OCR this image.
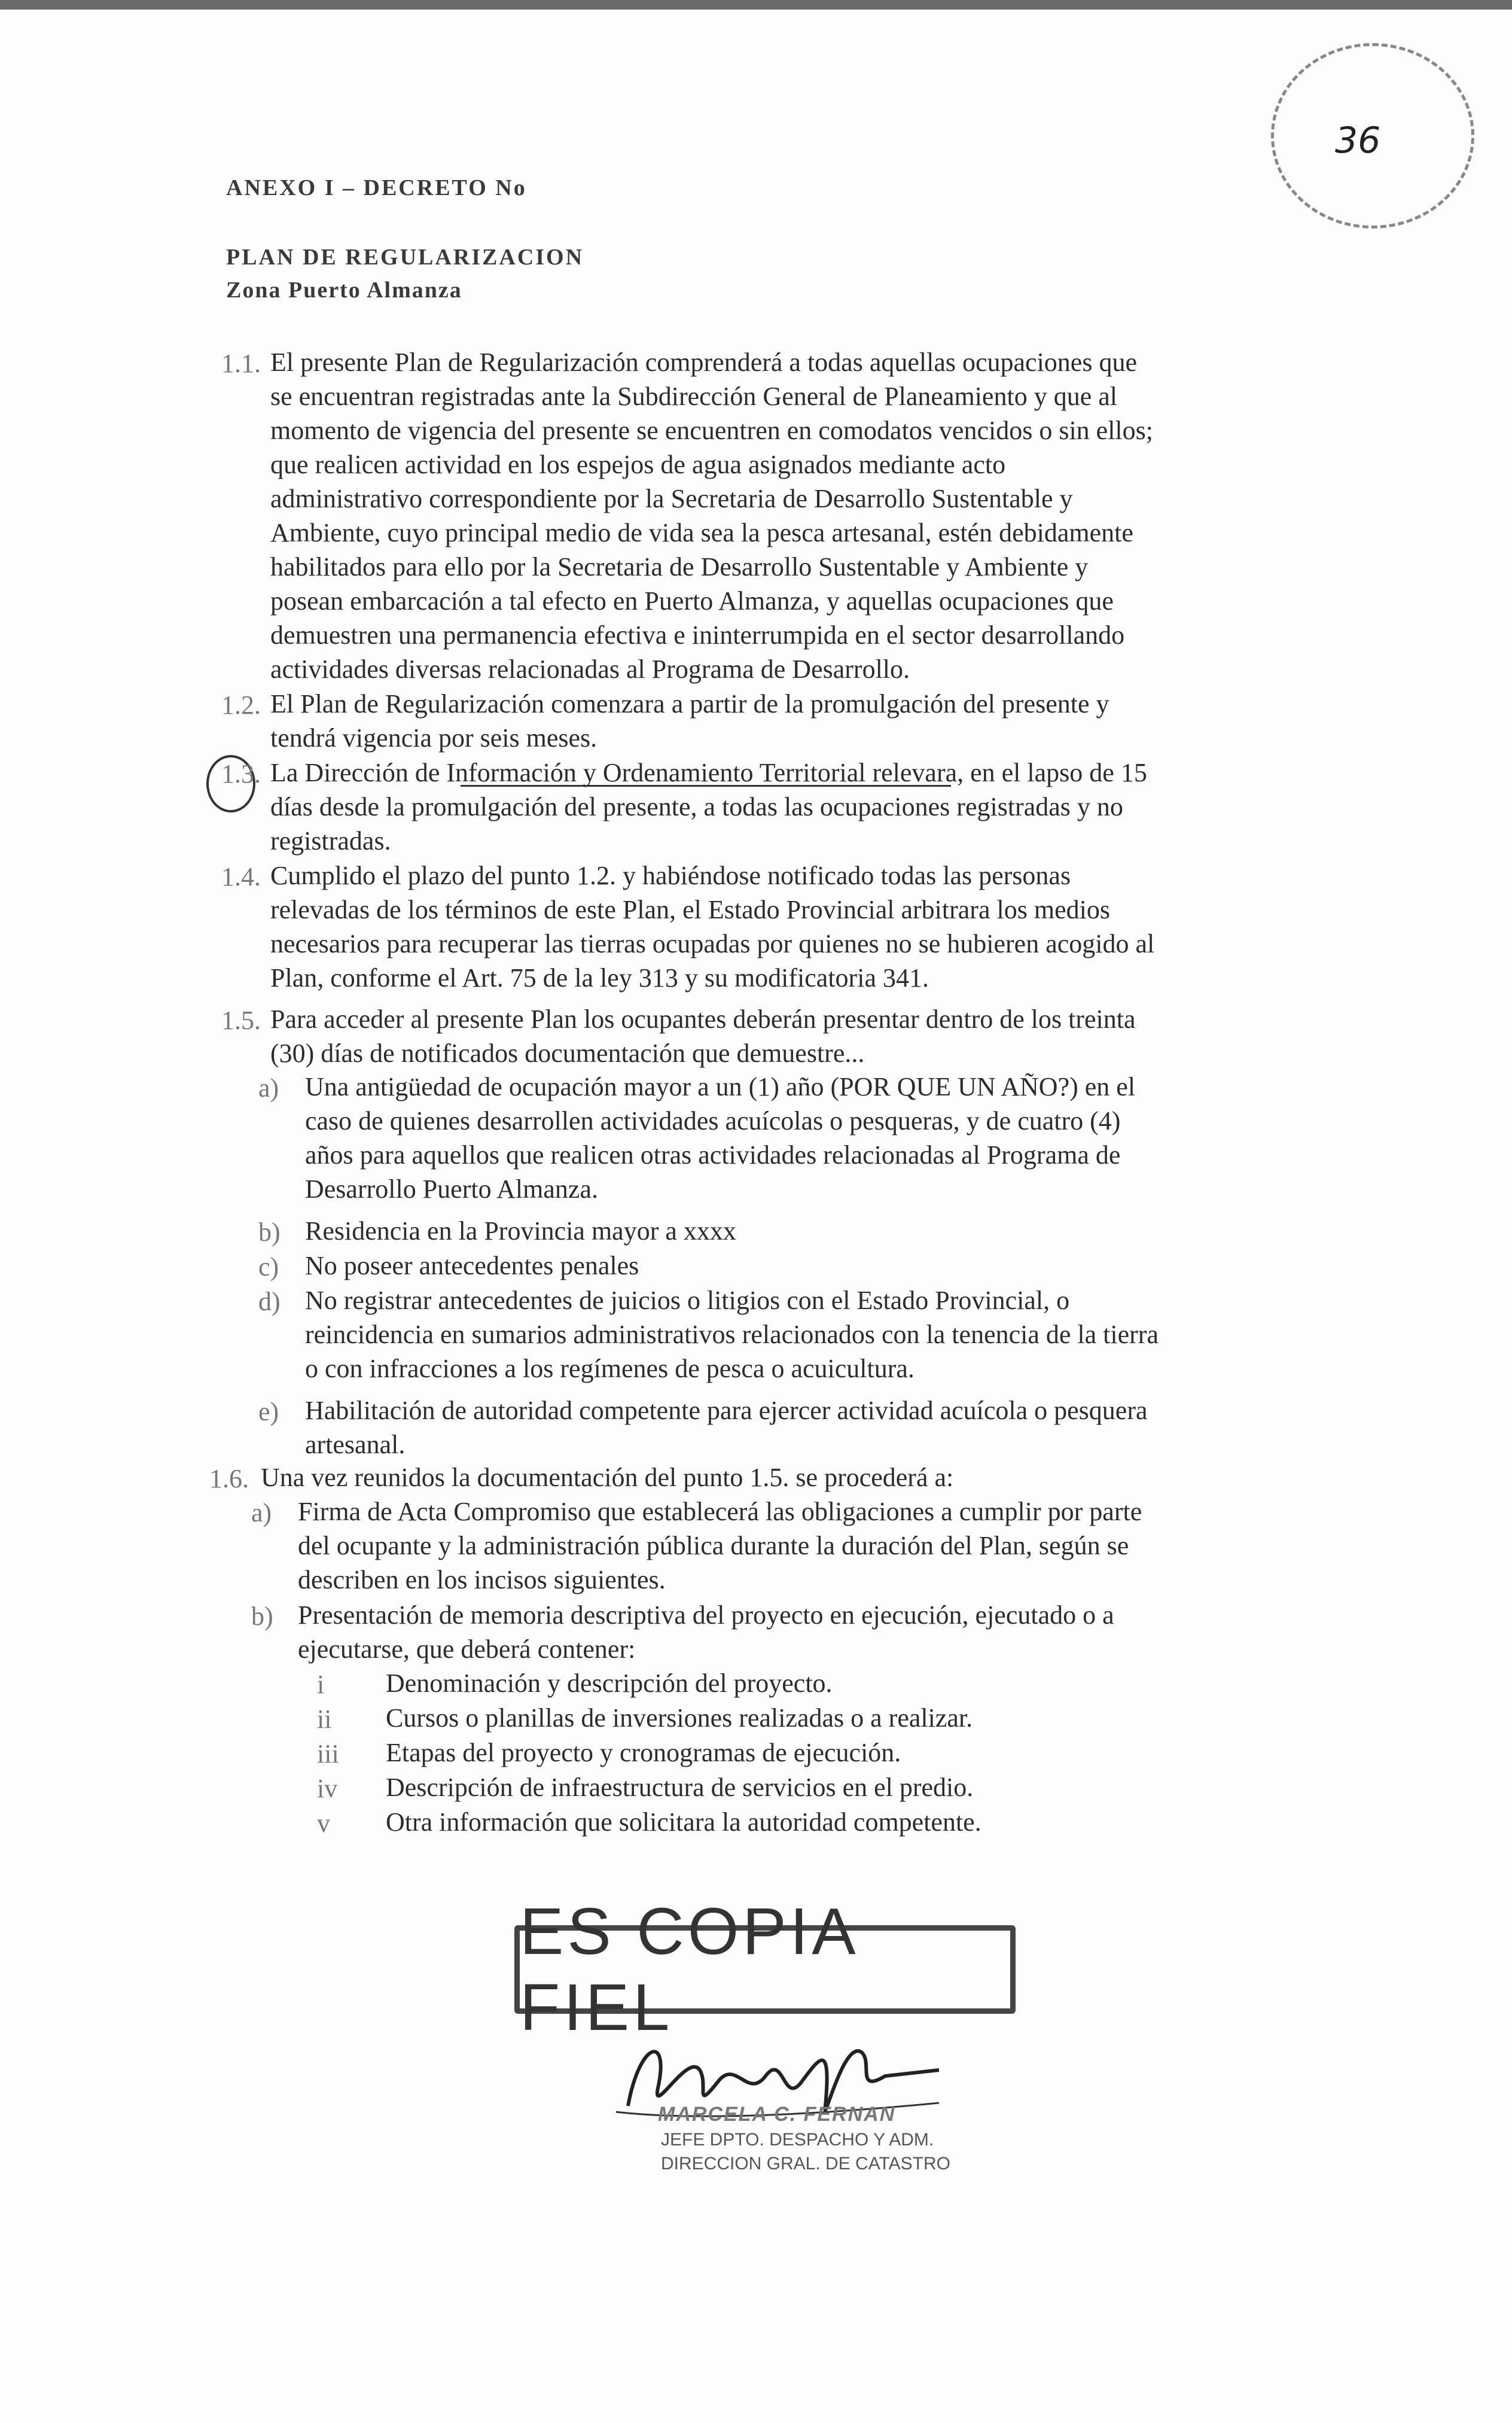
36
ANEXO I – DECRETO No
PLAN DE REGULARIZACION
Zona Puerto Almanza
1.1. El presente Plan de Regularización comprenderá a todas aquellas ocupaciones que
se encuentran registradas ante la Subdirección General de Planeamiento y que al
momento de vigencia del presente se encuentren en comodatos vencidos o sin ellos;
que realicen actividad en los espejos de agua asignados mediante acto
administrativo correspondiente por la Secretaria de Desarrollo Sustentable y
Ambiente, cuyo principal medio de vida sea la pesca artesanal, estén debidamente
habilitados para ello por la Secretaria de Desarrollo Sustentable y Ambiente y
posean embarcación a tal efecto en Puerto Almanza, y aquellas ocupaciones que
demuestren una permanencia efectiva e ininterrumpida en el sector desarrollando
actividades diversas relacionadas al Programa de Desarrollo.
1.2. El Plan de Regularización comenzara a partir de la promulgación del presente y
tendrá vigencia por seis meses.
1.3. La Dirección de Información y Ordenamiento Territorial relevara, en el lapso de 15
días desde la promulgación del presente, a todas las ocupaciones registradas y no
registradas.
1.4. Cumplido el plazo del punto 1.2. y habiéndose notificado todas las personas
relevadas de los términos de este Plan, el Estado Provincial arbitrara los medios
necesarios para recuperar las tierras ocupadas por quienes no se hubieren acogido al
Plan, conforme el Art. 75 de la ley 313 y su modificatoria 341.
1.5. Para acceder al presente Plan los ocupantes deberán presentar dentro de los treinta
(30) días de notificados documentación que demuestre...
a) Una antigüedad de ocupación mayor a un (1) año (POR QUE UN AÑO?) en el
caso de quienes desarrollen actividades acuícolas o pesqueras, y de cuatro (4)
años para aquellos que realicen otras actividades relacionadas al Programa de
Desarrollo Puerto Almanza.
b) Residencia en la Provincia mayor a xxxx
c) No poseer antecedentes penales
d) No registrar antecedentes de juicios o litigios con el Estado Provincial, o
reincidencia en sumarios administrativos relacionados con la tenencia de la tierra
o con infracciones a los regímenes de pesca o acuicultura.
e) Habilitación de autoridad competente para ejercer actividad acuícola o pesquera
artesanal.
1.6. Una vez reunidos la documentación del punto 1.5. se procederá a:
a) Firma de Acta Compromiso que establecerá las obligaciones a cumplir por parte
del ocupante y la administración pública durante la duración del Plan, según se
describen en los incisos siguientes.
b) Presentación de memoria descriptiva del proyecto en ejecución, ejecutado o a
ejecutarse, que deberá contener:
i Denominación y descripción del proyecto.
ii Cursos o planillas de inversiones realizadas o a realizar.
iii Etapas del proyecto y cronogramas de ejecución.
iv Descripción de infraestructura de servicios en el predio.
v Otra información que solicitara la autoridad competente.
ES COPIA FIEL
MARCELA C. FERNAN
JEFE DPTO. DESPACHO Y ADM.
DIRECCION GRAL. DE CATASTRO
